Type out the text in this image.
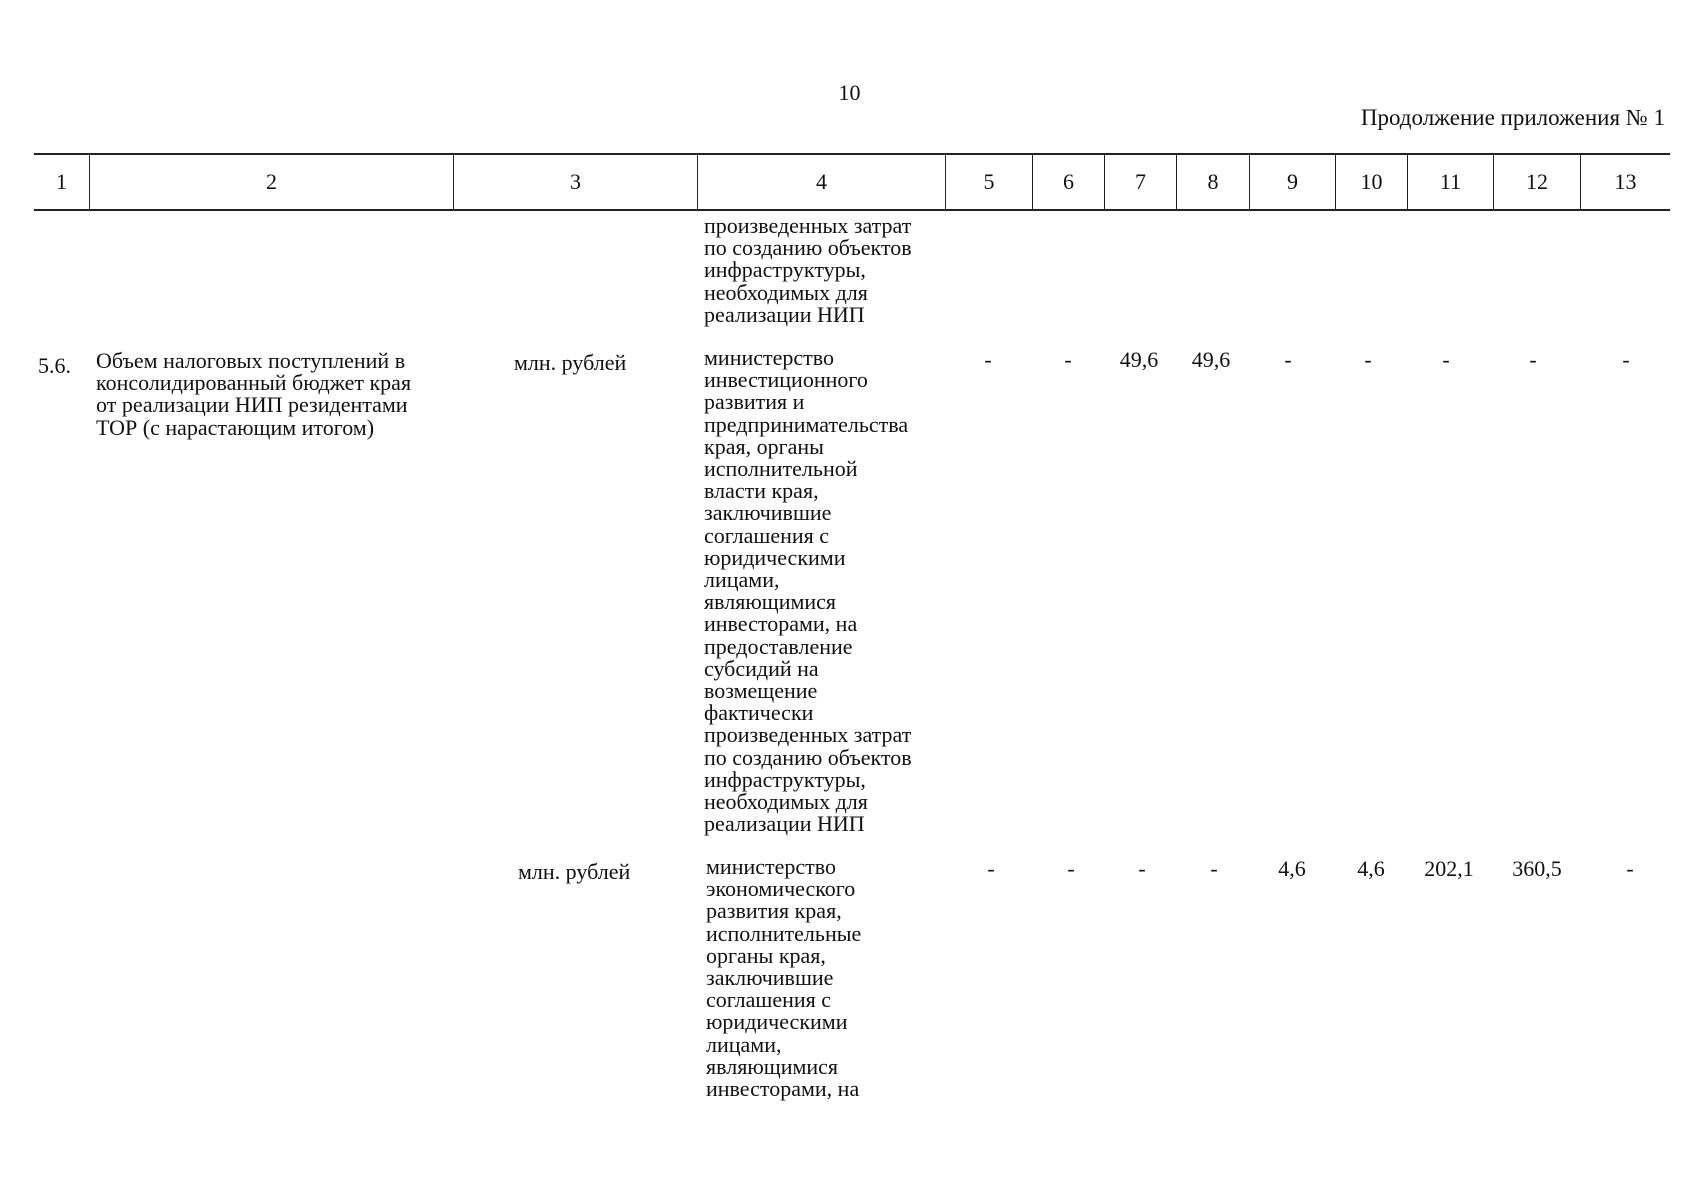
10
Продолжение приложения № 1
1	2	3	4	5	6	7	8	9	10	11	12	13
произведенных затрат
по созданию объектов
инфраструктуры,
необходимых для
реализации НИП
5.6. Объем налоговых поступлений в
консолидированный бюджет края
от реализации НИП резидентами
ТОР (с нарастающим итогом)
млн. рублей	министерство
инвестиционного
развития и
предпринимательства
края, органы
исполнительной
власти края,
заключившие
соглашения с
юридическими
лицами,
являющимися
инвесторами, на
предоставление
субсидий на
возмещение
фактически
произведенных затрат
по созданию объектов
инфраструктуры,
необходимых для
реализации НИП
-	-	49,6	49,6	-	-	-	-	-
млн. рублей	министерство
экономического
развития края,
исполнительные
органы края,
заключившие
соглашения с
юридическими
лицами,
являющимися
инвесторами, на
-	-	-	-	4,6	4,6	202,1	360,5	-
